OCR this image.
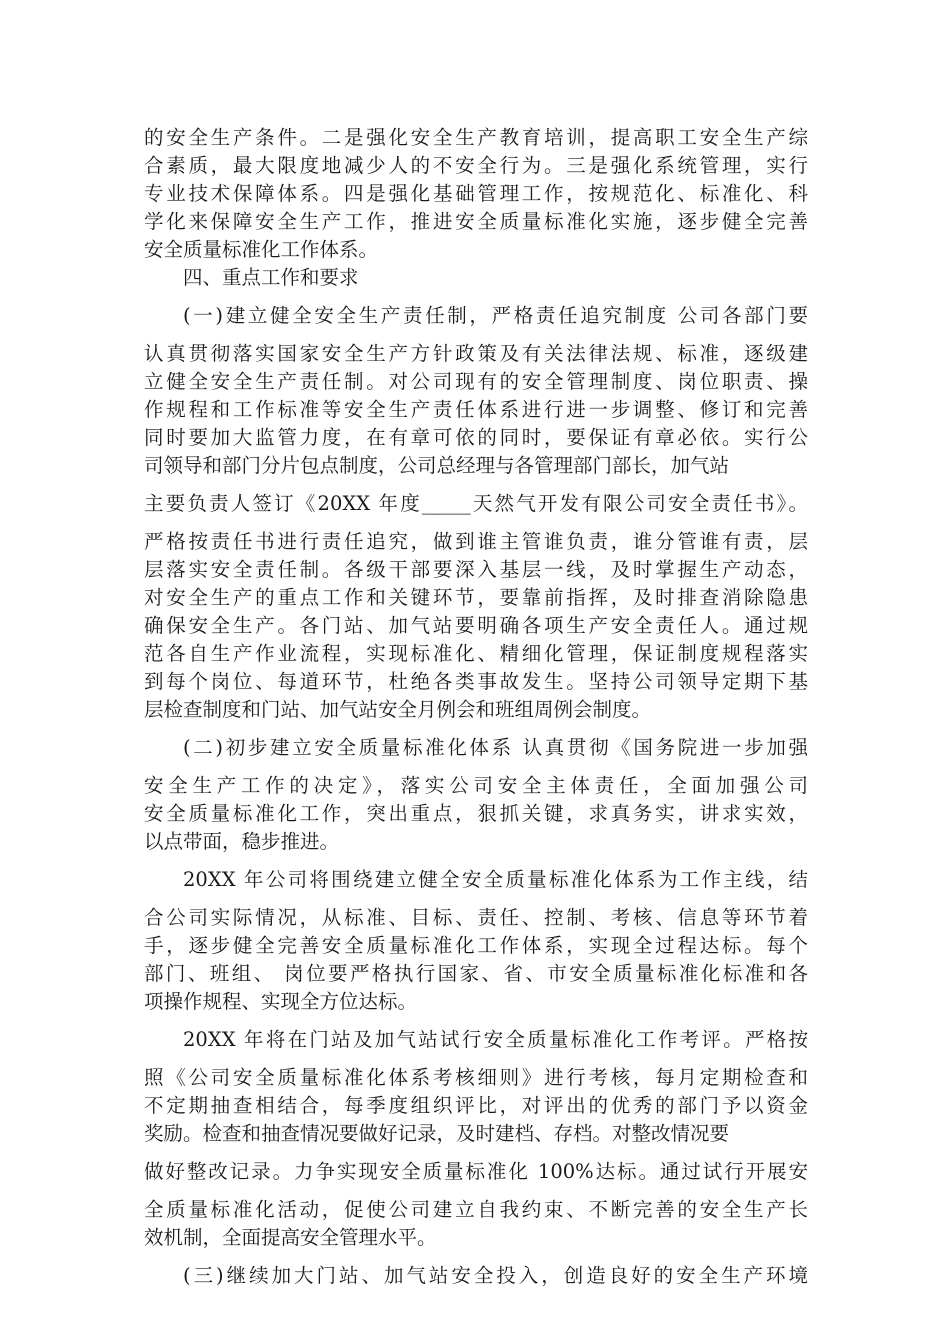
的安全生产条件。二是强化安全生产教育培训，提高职工安全生产综
合素质，最大限度地减少人的不安全行为。三是强化系统管理，实行
专业技术保障体系。四是强化基础管理工作，按规范化、标准化、科
学化来保障安全生产工作，推进安全质量标准化实施，逐步健全完善
安全质量标准化工作体系。

四、重点工作和要求

(一)建立健全安全生产责任制，严格责任追究制度 公司各部门要

认真贯彻落实国家安全生产方针政策及有关法律法规、标准，逐级建
立健全安全生产责任制。对公司现有的安全管理制度、岗位职责、操
作规程和工作标准等安全生产责任体系进行进一步调整、修订和完善
同时要加大监管力度，在有章可依的同时，要保证有章必依。实行公
司领导和部门分片包点制度，公司总经理与各管理部门部长，加气站

主要负责人签订《20XX 年度_____天然气开发有限公司安全责任书》。

严格按责任书进行责任追究，做到谁主管谁负责，谁分管谁有责，层
层落实安全责任制。各级干部要深入基层一线，及时掌握生产动态，
对安全生产的重点工作和关键环节，要靠前指挥，及时排查消除隐患
确保安全生产。各门站、加气站要明确各项生产安全责任人。通过规
范各自生产作业流程，实现标准化、精细化管理，保证制度规程落实
到每个岗位、每道环节，杜绝各类事故发生。坚持公司领导定期下基
层检查制度和门站、加气站安全月例会和班组周例会制度。

(二)初步建立安全质量标准化体系 认真贯彻《国务院进一步加强

安全生产工作的决定》，落实公司安全主体责任，全面加强公司
安全质量标准化工作，突出重点，狠抓关键，求真务实，讲求实效，
以点带面，稳步推进。

20XX 年公司将围绕建立健全安全质量标准化体系为工作主线，结

合公司实际情况，从标准、目标、责任、控制、考核、信息等环节着
手，逐步健全完善安全质量标准化工作体系，实现全过程达标。每个
部门、班组、 岗位要严格执行国家、省、市安全质量标准化标准和各
项操作规程、实现全方位达标。

20XX 年将在门站及加气站试行安全质量标准化工作考评。严格按

照《公司安全质量标准化体系考核细则》进行考核，每月定期检查和
不定期抽查相结合，每季度组织评比，对评出的优秀的部门予以资金
奖励。检查和抽查情况要做好记录，及时建档、存档。对整改情况要

做好整改记录。力争实现安全质量标准化 100%达标。通过试行开展安

全质量标准化活动，促使公司建立自我约束、不断完善的安全生产长
效机制，全面提高安全管理水平。

(三)继续加大门站、加气站安全投入，创造良好的安全生产环境
